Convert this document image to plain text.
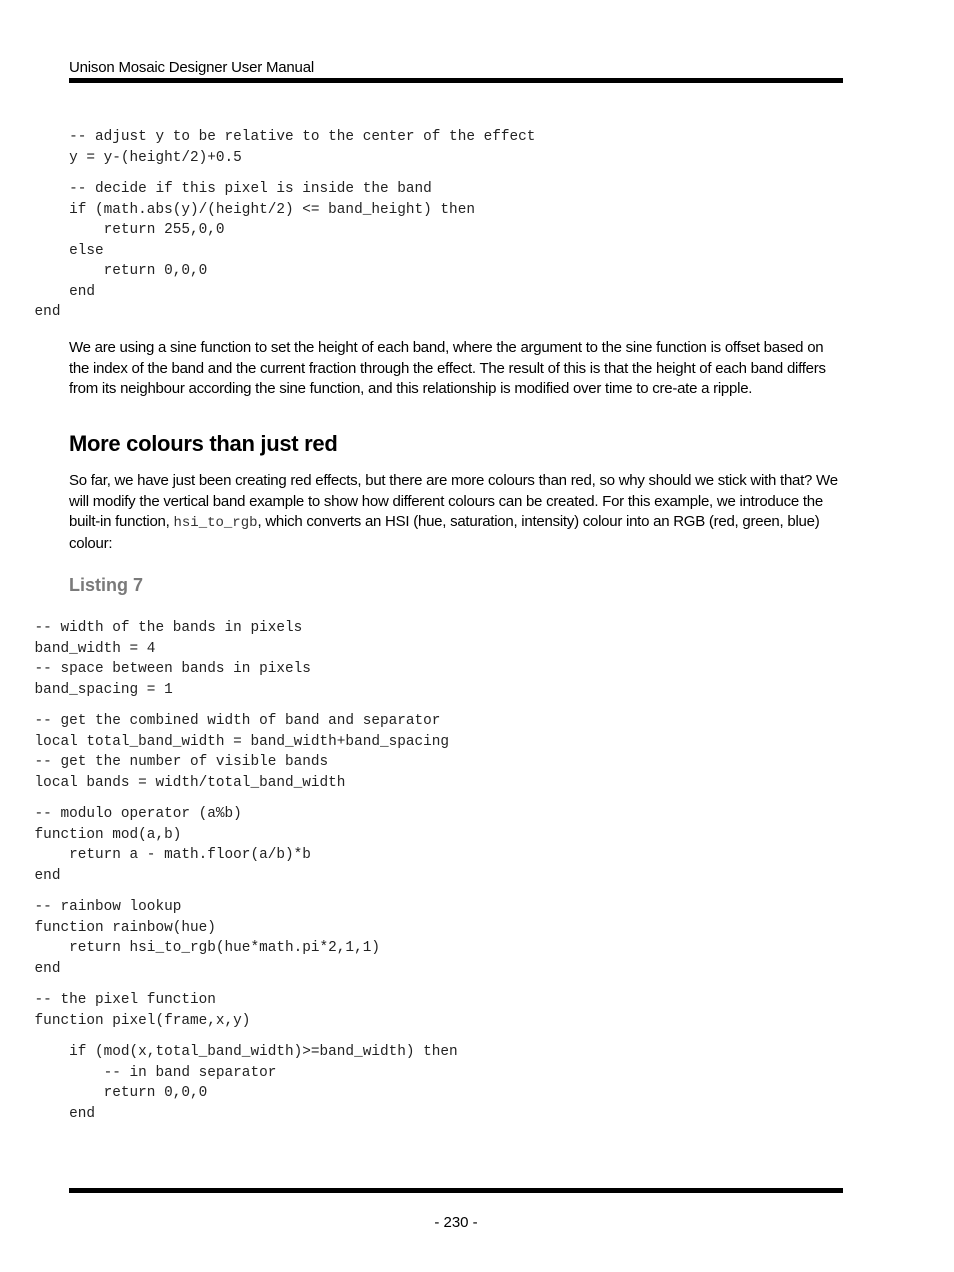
Unison Mosaic Designer User Manual
-- adjust y to be relative to the center of the effect
y = y-(height/2)+0.5
-- decide if this pixel is inside the band
if (math.abs(y)/(height/2) <= band_height) then
return 255,0,0
else
return 0,0,0
end
end

We are using a sine function to set the height of each band, where the argument to the sine function is offset based on the index of the band and the current fraction through the effect. The result of this is that the height of each band differs from its neighbour according the sine function, and this relationship is modified over time to cre-ate a ripple.

More colours than just red

So far, we have just been creating red effects, but there are more colours than red, so why should we stick with that? We will modify the vertical band example to show how different colours can be created. For this example, we introduce the built-in function, hsi_to_rgb, which converts an HSI (hue, saturation, intensity) colour into an RGB (red, green, blue) colour:

Listing 7
-- width of the bands in pixels
band_width = 4
-- space between bands in pixels
band_spacing = 1
-- get the combined width of band and separator
local total_band_width = band_width+band_spacing
-- get the number of visible bands
local bands = width/total_band_width
-- modulo operator (a%b)
function mod(a,b)
return a - math.floor(a/b)*b
end
-- rainbow lookup
function rainbow(hue)
return hsi_to_rgb(hue*math.pi*2,1,1)
end
-- the pixel function
function pixel(frame,x,y)
if (mod(x,total_band_width)>=band_width) then
-- in band separator
return 0,0,0
end
- 230 -
